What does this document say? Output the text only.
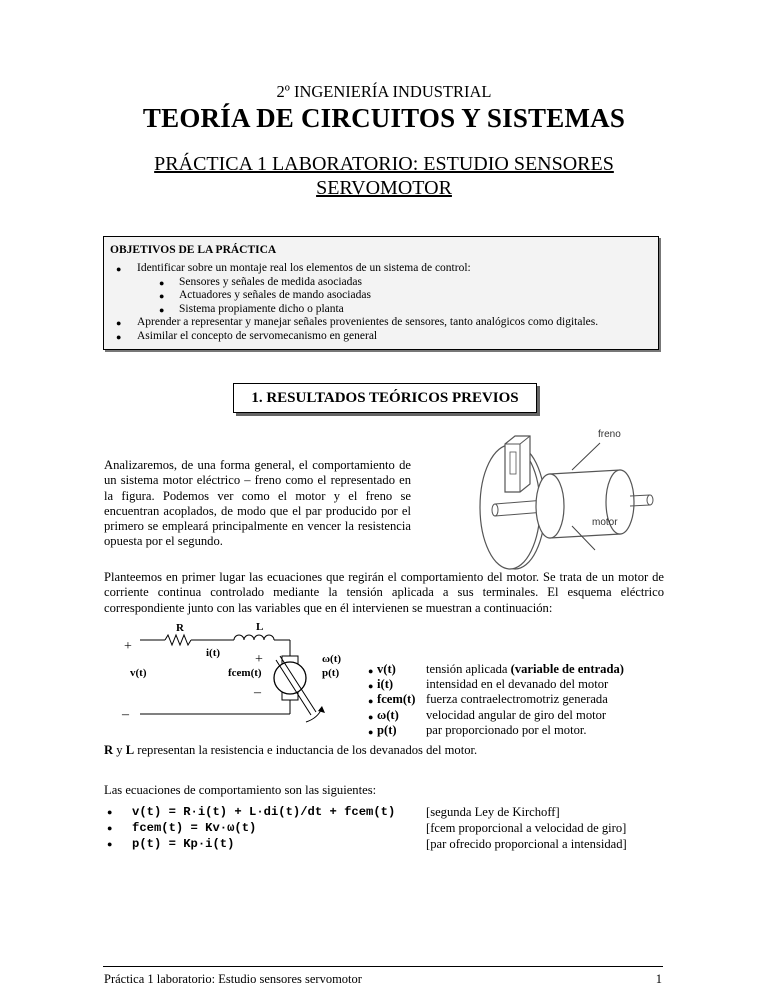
2º INGENIERÍA INDUSTRIAL
TEORÍA DE CIRCUITOS Y SISTEMAS
PRÁCTICA 1 LABORATORIO: ESTUDIO SENSORES
SERVOMOTOR
OBJETIVOS DE LA PRÁCTICA
● Identificar sobre un montaje real los elementos de un sistema de control:
● Sensores y señales de medida asociadas
● Actuadores y señales de mando asociadas
● Sistema propiamente dicho o planta
● Aprender a representar y manejar señales provenientes de sensores, tanto analógicos como digitales.
● Asimilar el concepto de servomecanismo en general
1. RESULTADOS TEÓRICOS PREVIOS
Analizaremos, de una forma general, el comportamiento de un sistema motor eléctrico – freno como el representado en la figura. Podemos ver como el motor y el freno se encuentran acoplados, de modo que el par producido por el primero se empleará principalmente en vencer la resistencia opuesta por el segundo.
freno
motor
Planteemos en primer lugar las ecuaciones que regirán el comportamiento del motor. Se trata de un motor de corriente continua controlado mediante la tensión aplicada a sus terminales. El esquema eléctrico correspondiente junto con las variables que en él intervienen se muestran a continuación:
R	L
i(t)
v(t)	fcem(t)
ω(t)
p(t)
+
–
+
–
● v(t) tensión aplicada (variable de entrada)
● i(t)	intensidad en el devanado del motor
● fcem(t) fuerza contraelectromotriz generada
● ω(t) velocidad angular de giro del motor
● p(t) par proporcionado por el motor.
R y L representan la resistencia e inductancia de los devanados del motor.
Las ecuaciones de comportamiento son las siguientes:
● v(t) = R·i(t) + L·di(t)/dt + fcem(t) [segunda Ley de Kirchoff]
● fcem(t) = Kv·ω(t)	[fcem proporcional a velocidad de giro]
● p(t) = Kp·i(t)	[par ofrecido proporcional a intensidad]
Práctica 1 laboratorio: Estudio sensores servomotor	1
